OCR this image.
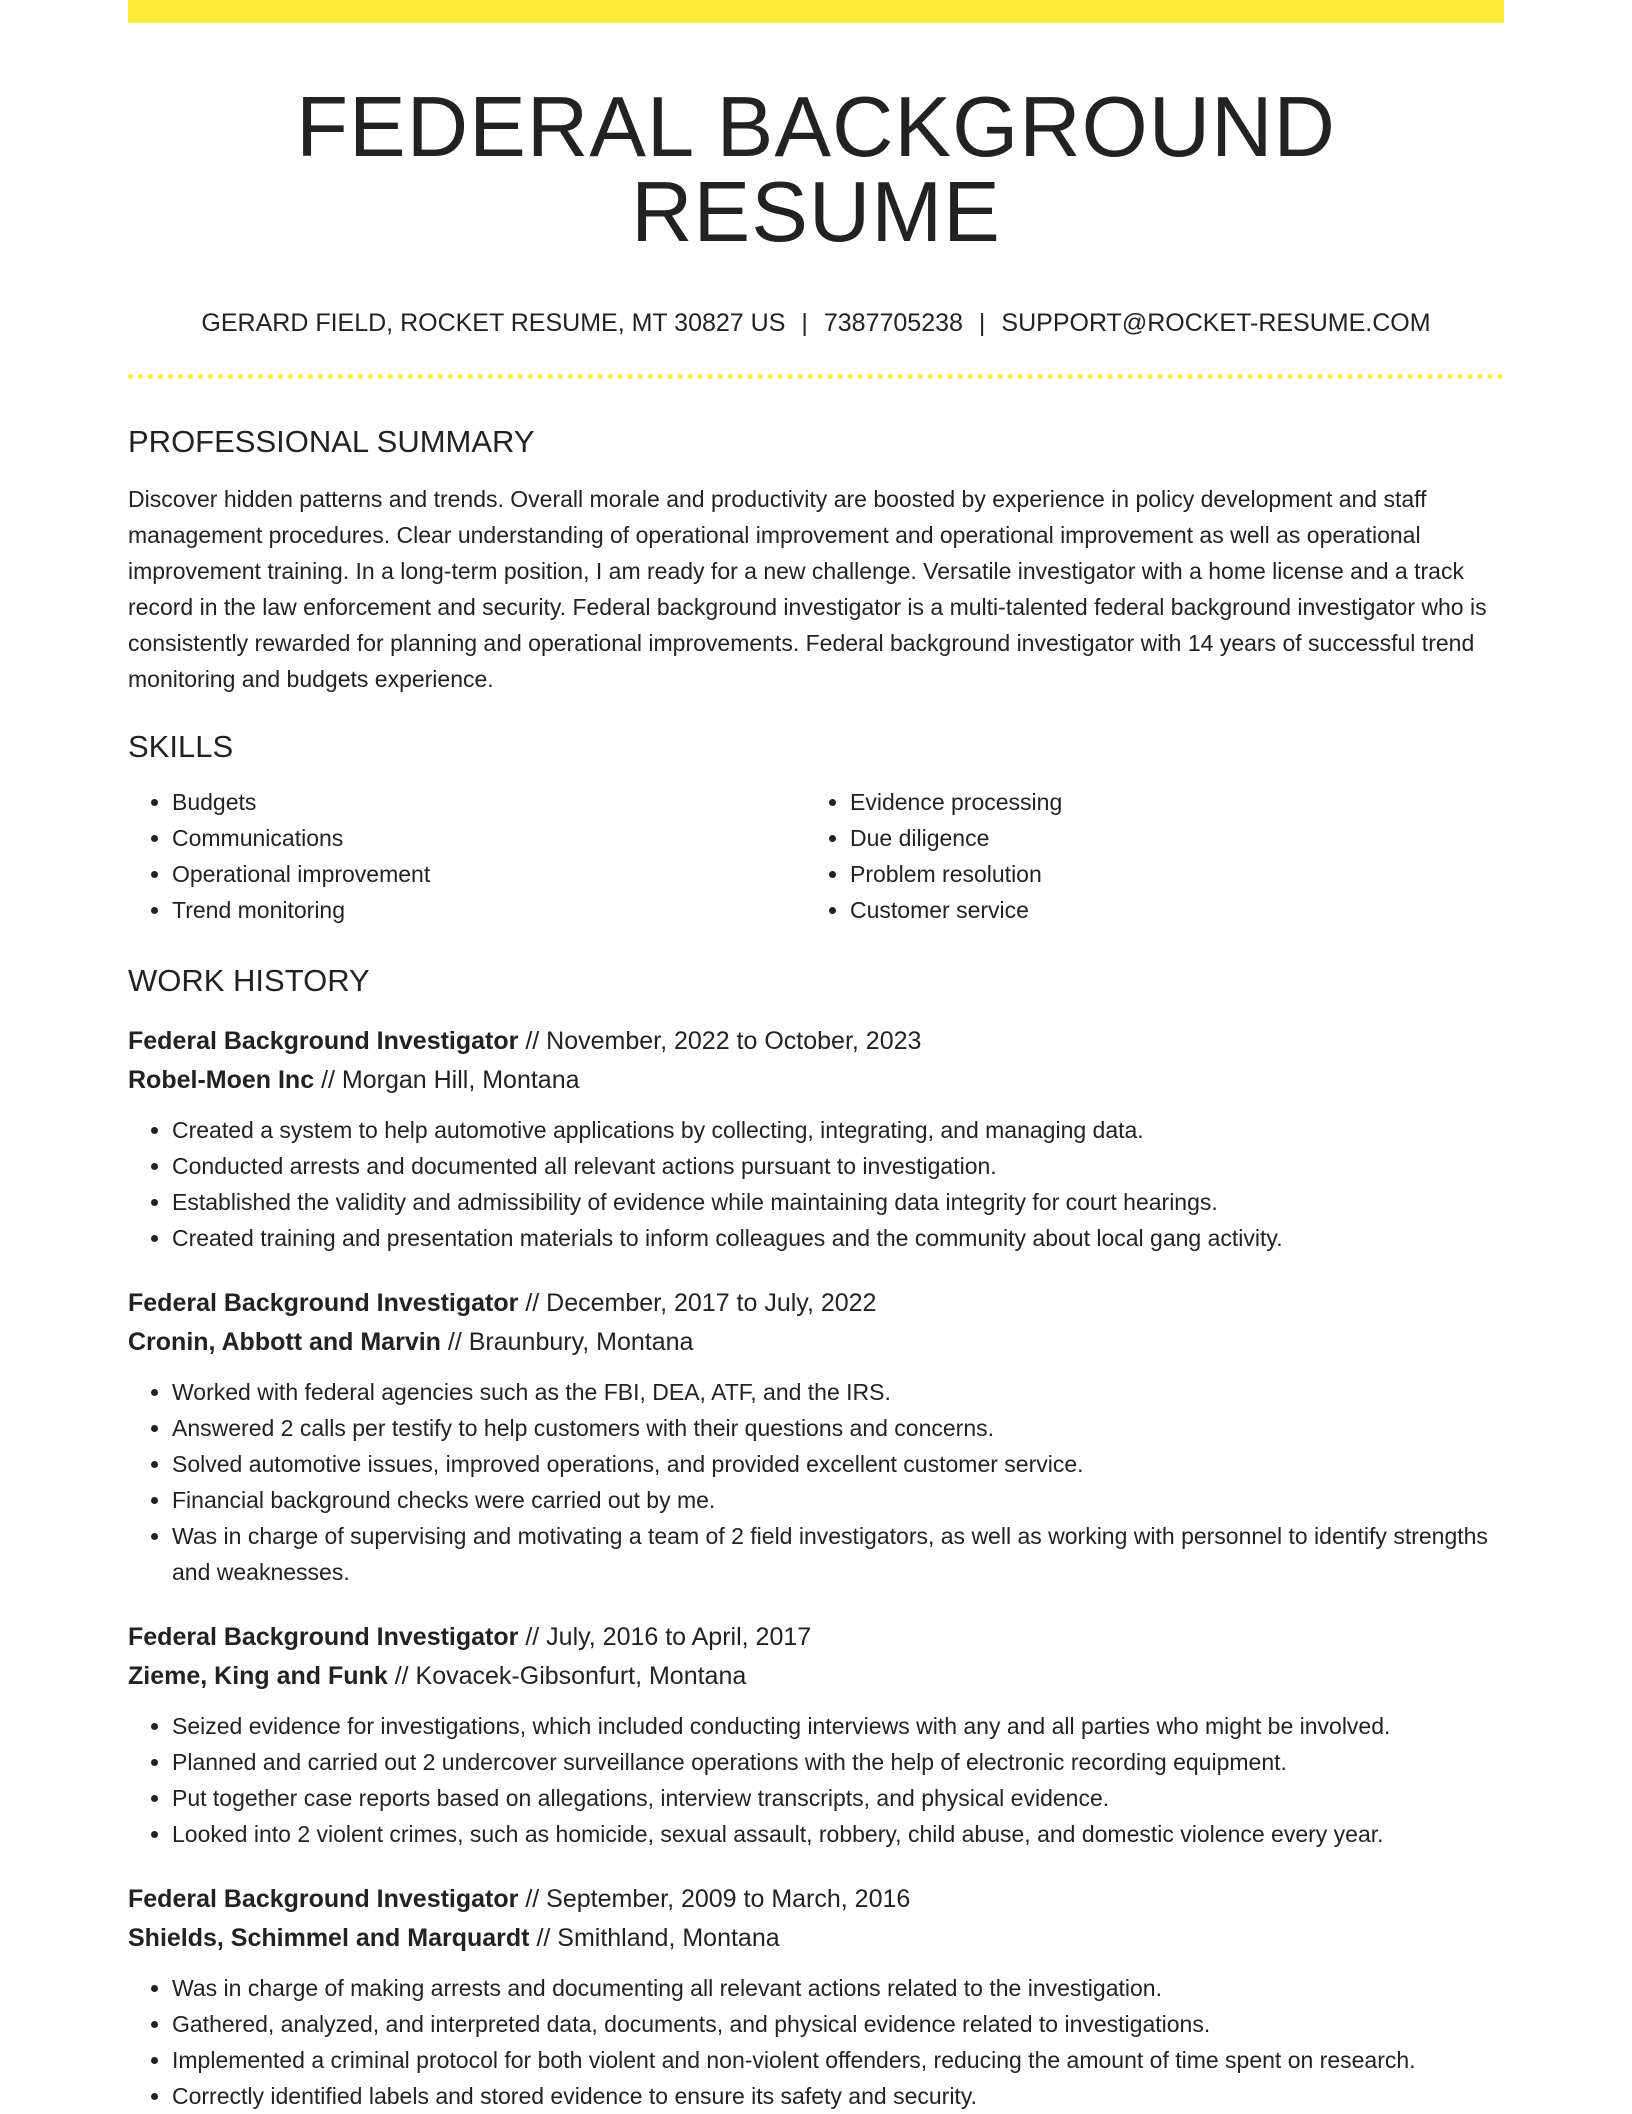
FEDERAL BACKGROUND RESUME
GERARD FIELD, ROCKET RESUME, MT 30827 US | 7387705238 | SUPPORT@ROCKET-RESUME.COM
PROFESSIONAL SUMMARY

Discover hidden patterns and trends. Overall morale and productivity are boosted by experience in policy development and staff management procedures. Clear understanding of operational improvement and operational improvement as well as operational improvement training. In a long-term position, I am ready for a new challenge. Versatile investigator with a home license and a track record in the law enforcement and security. Federal background investigator is a multi-talented federal background investigator who is consistently rewarded for planning and operational improvements. Federal background investigator with 14 years of successful trend monitoring and budgets experience.

SKILLS
• Budgets
• Communications
• Operational improvement
• Trend monitoring
• Evidence processing
• Due diligence
• Problem resolution
• Customer service
WORK HISTORY
Federal Background Investigator // November, 2022 to October, 2023
Robel-Moen Inc // Morgan Hill, Montana
• Created a system to help automotive applications by collecting, integrating, and managing data.
• Conducted arrests and documented all relevant actions pursuant to investigation.
• Established the validity and admissibility of evidence while maintaining data integrity for court hearings.
• Created training and presentation materials to inform colleagues and the community about local gang activity.
Federal Background Investigator // December, 2017 to July, 2022
Cronin, Abbott and Marvin // Braunbury, Montana
• Worked with federal agencies such as the FBI, DEA, ATF, and the IRS.
• Answered 2 calls per testify to help customers with their questions and concerns.
• Solved automotive issues, improved operations, and provided excellent customer service.
• Financial background checks were carried out by me.
• Was in charge of supervising and motivating a team of 2 field investigators, as well as working with personnel to identify strengths and weaknesses.
Federal Background Investigator // July, 2016 to April, 2017
Zieme, King and Funk // Kovacek-Gibsonfurt, Montana
• Seized evidence for investigations, which included conducting interviews with any and all parties who might be involved.
• Planned and carried out 2 undercover surveillance operations with the help of electronic recording equipment.
• Put together case reports based on allegations, interview transcripts, and physical evidence.
• Looked into 2 violent crimes, such as homicide, sexual assault, robbery, child abuse, and domestic violence every year.
Federal Background Investigator // September, 2009 to March, 2016
Shields, Schimmel and Marquardt // Smithland, Montana
• Was in charge of making arrests and documenting all relevant actions related to the investigation.
• Gathered, analyzed, and interpreted data, documents, and physical evidence related to investigations.
• Implemented a criminal protocol for both violent and non-violent offenders, reducing the amount of time spent on research.
• Correctly identified labels and stored evidence to ensure its safety and security.
